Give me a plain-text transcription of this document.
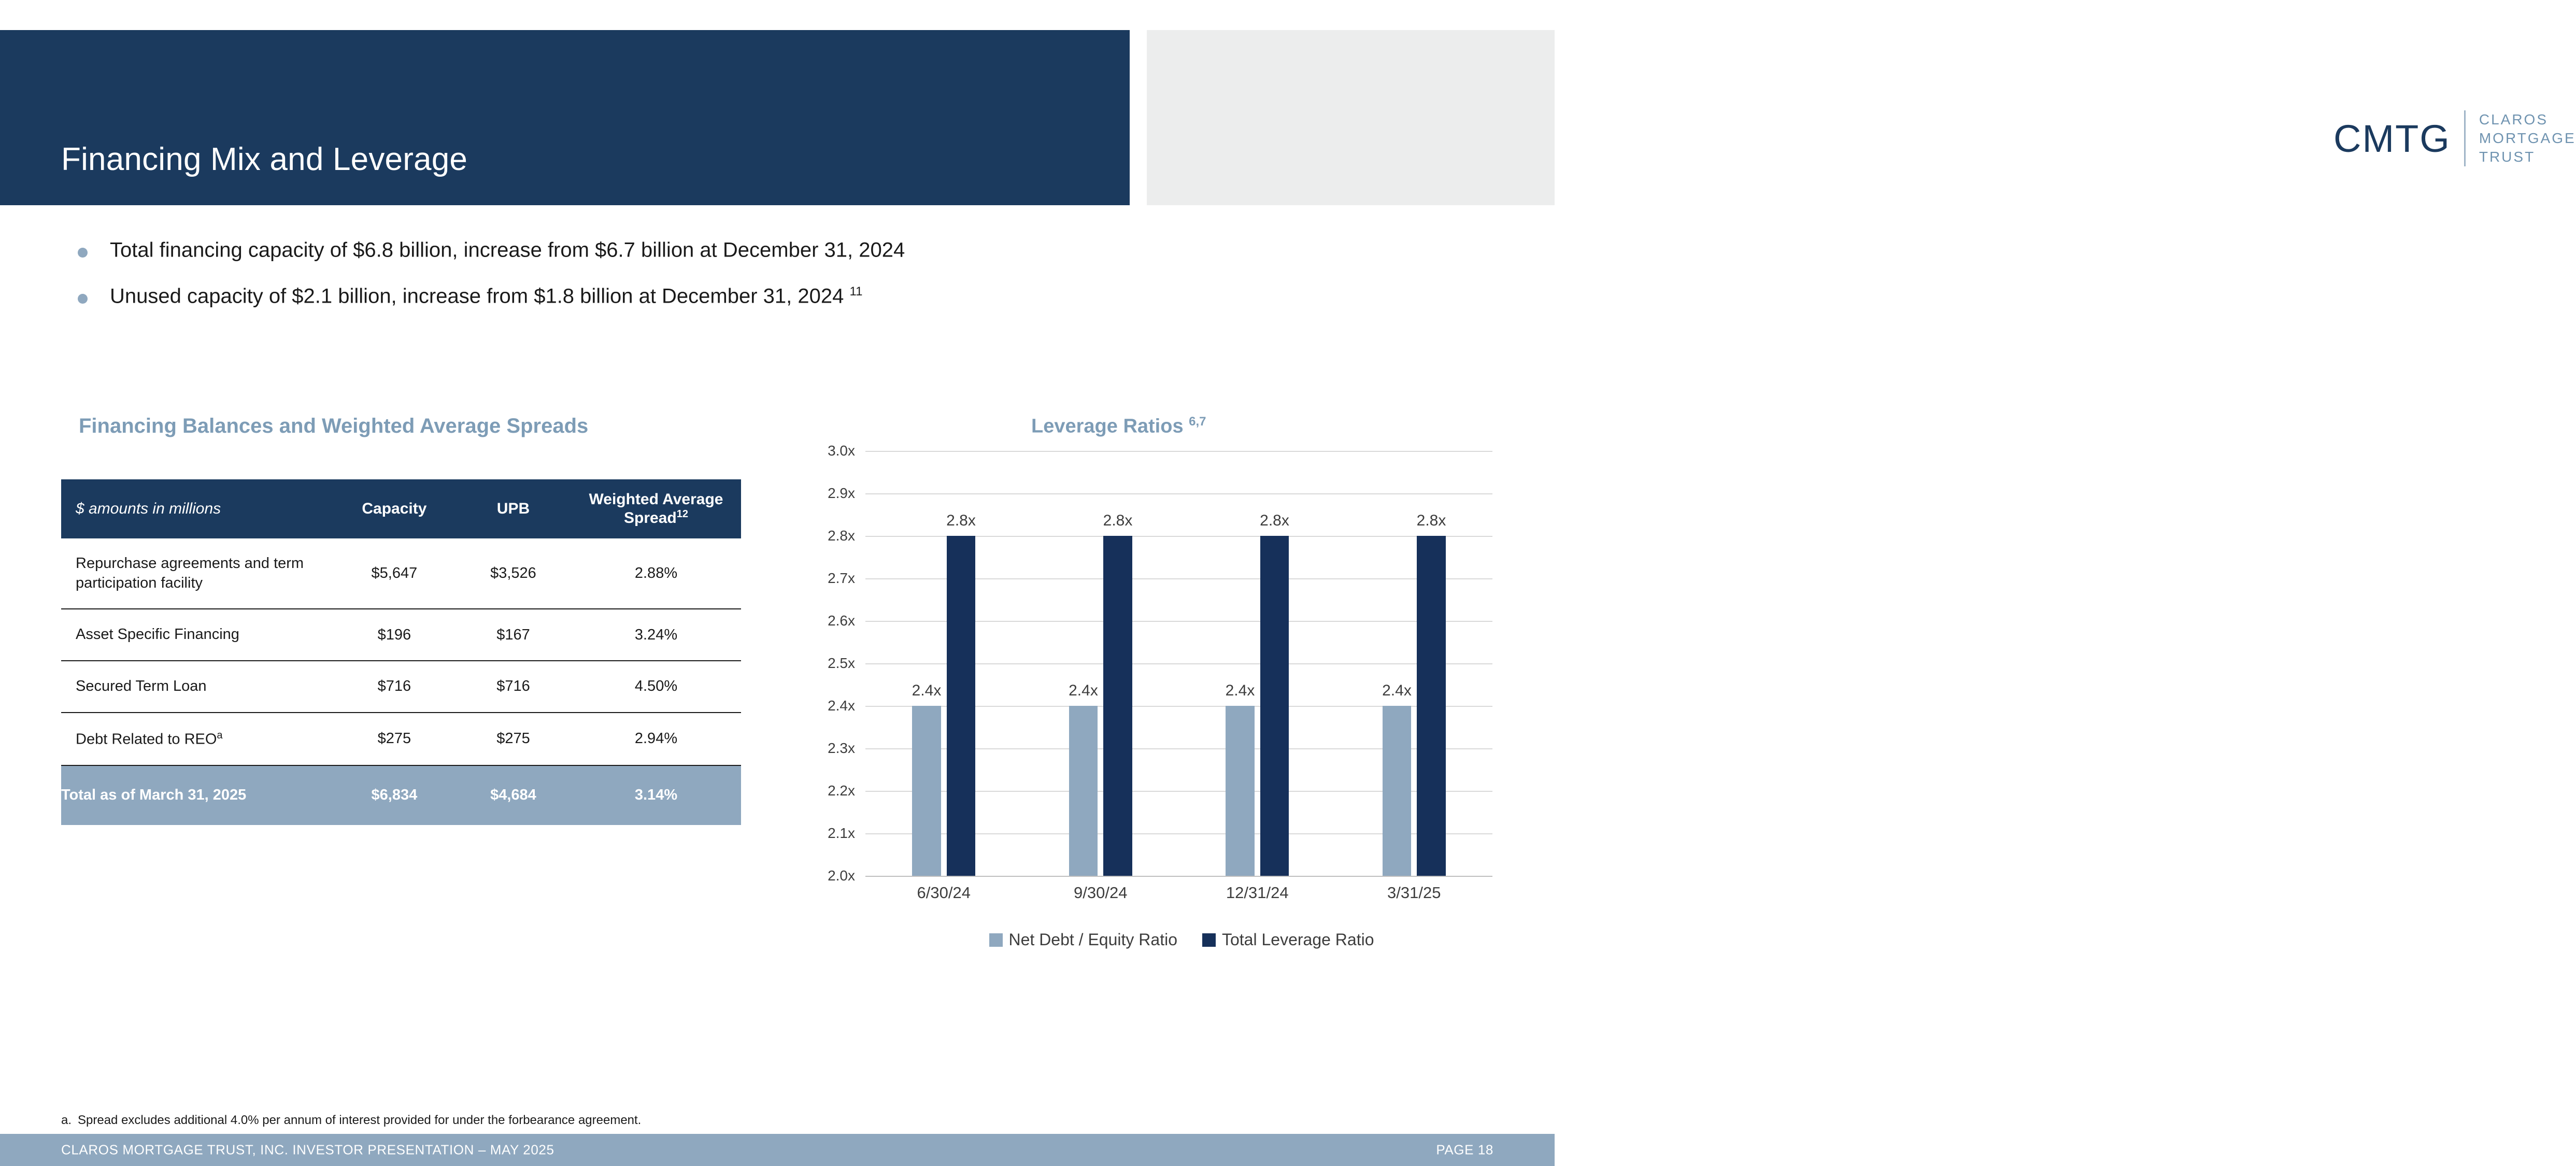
Financing Mix and Leverage	CMTG CLAROS
MORTGAGE
TRUST
Total financing capacity of $6.8 billion, increase from $6.7 billion at December 31, 2024
Unused capacity of $2.1 billion, increase from $1.8 billion at December 31, 2024 $^{11}$
Financing Balances and Weighted Average Spreads
$ amounts in millions	Capacity	UPB	Weighted Average Spread$^{12}$
Repurchase agreements and term participation facility	$5,647	$3,526	2.88%
Asset Specific Financing	$196	$167	3.24%
Secured Term Loan	$716	$716	4.50%
Debt Related to REO$^a$	$275	$275	2.94%
Total as of March 31, 2025	$6,834	$4,684	3.14%
Leverage Ratios $^{6,7}$
3.0x
2.9x
2.8x
2.7x
2.6x
2.5x
2.4x
2.3x
2.2x
2.1x
2.0x
2.4x
2.8x
2.4x
2.8x
2.4x
2.8x
2.4x
2.8x
6/30/24	9/30/24	12/31/24	3/31/25
Net Debt / Equity Ratio	Total Leverage Ratio
a. Spread excludes additional 4.0% per annum of interest provided for under the forbearance agreement.
CLAROS MORTGAGE TRUST, INC. INVESTOR PRESENTATION – MAY 2025	PAGE 18
